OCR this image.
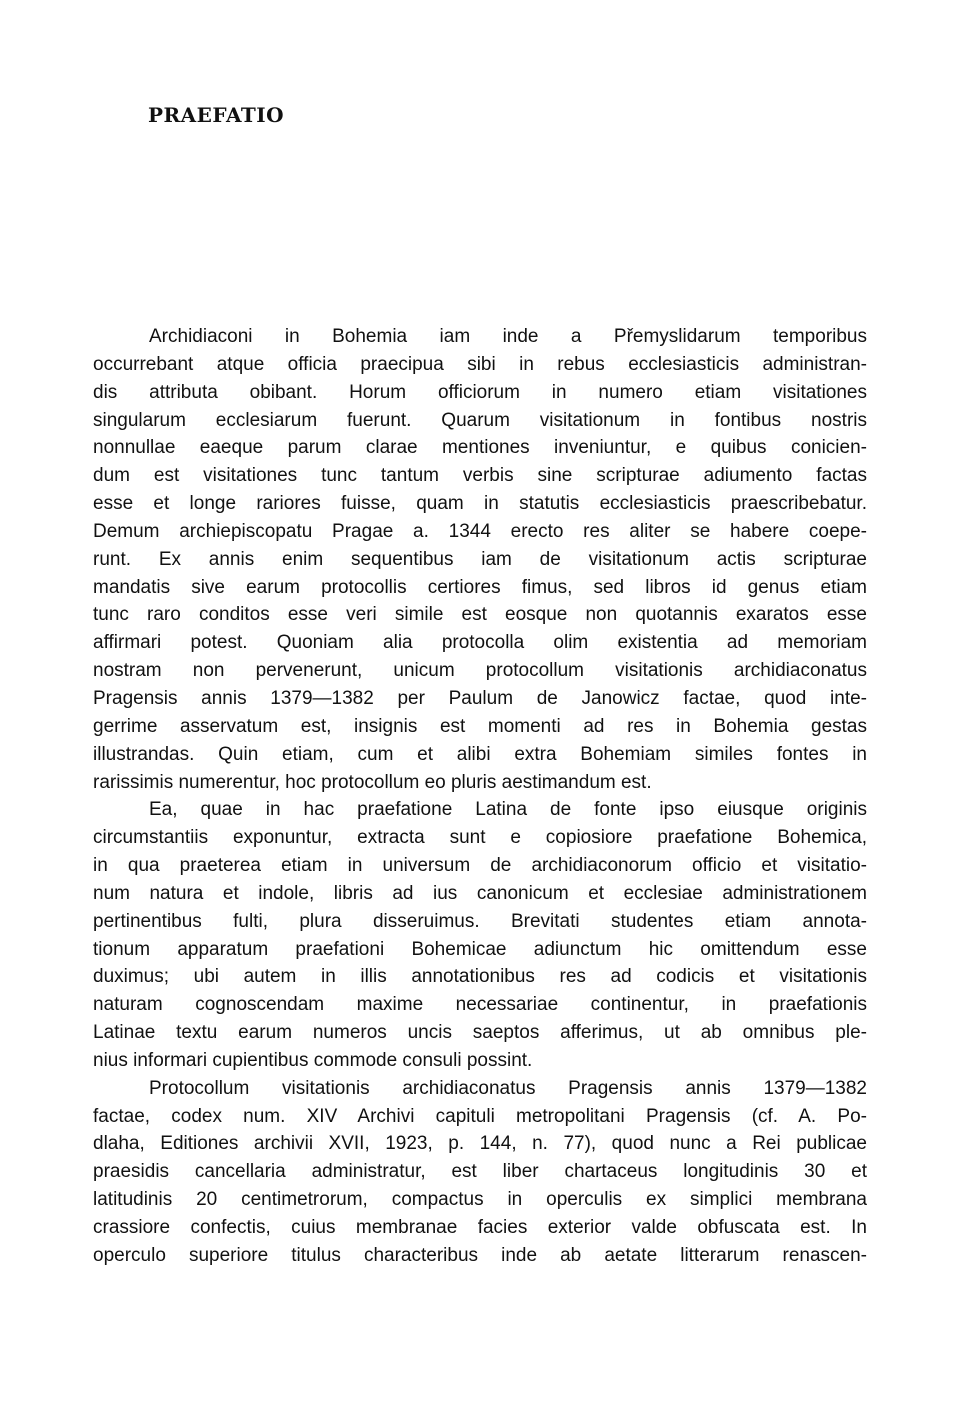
PRAEFATIO
Archidiaconi in Bohemia iam inde a Přemyslidarum temporibus
occurrebant atque officia praecipua sibi in rebus ecclesiasticis administran-
dis attributa obibant. Horum officiorum in numero etiam visitationes
singularum ecclesiarum fuerunt. Quarum visitationum in fontibus nostris
nonnullae eaeque parum clarae mentiones inveniuntur, e quibus conicien-
dum est visitationes tunc tantum verbis sine scripturae adiumento factas
esse et longe rariores fuisse, quam in statutis ecclesiasticis praescribebatur.
Demum archiepiscopatu Pragae a. 1344 erecto res aliter se habere coepe-
runt. Ex annis enim sequentibus iam de visitationum actis scripturae
mandatis sive earum protocollis certiores fimus, sed libros id genus etiam
tunc raro conditos esse veri simile est eosque non quotannis exaratos esse
affirmari potest. Quoniam alia protocolla olim existentia ad memoriam
nostram non pervenerunt, unicum protocollum visitationis archidiaconatus
Pragensis annis 1379—1382 per Paulum de Janowicz factae, quod inte-
gerrime asservatum est, insignis est momenti ad res in Bohemia gestas
illustrandas. Quin etiam, cum et alibi extra Bohemiam similes fontes in
rarissimis numerentur, hoc protocollum eo pluris aestimandum est.
Ea, quae in hac praefatione Latina de fonte ipso eiusque originis
circumstantiis exponuntur, extracta sunt e copiosiore praefatione Bohemica,
in qua praeterea etiam in universum de archidiaconorum officio et visitatio-
num natura et indole, libris ad ius canonicum et ecclesiae administrationem
pertinentibus fulti, plura disseruimus. Brevitati studentes etiam annota-
tionum apparatum praefationi Bohemicae adiunctum hic omittendum esse
duximus; ubi autem in illis annotationibus res ad codicis et visitationis
naturam cognoscendam maxime necessariae continentur, in praefationis
Latinae textu earum numeros uncis saeptos afferimus, ut ab omnibus ple-
nius informari cupientibus commode consuli possint.
Protocollum visitationis archidiaconatus Pragensis annis 1379—1382
factae, codex num. XIV Archivi capituli metropolitani Pragensis (cf. A. Po-
dlaha, Editiones archivii XVII, 1923, p. 144, n. 77), quod nunc a Rei publicae
praesidis cancellaria administratur, est liber chartaceus longitudinis 30 et
latitudinis 20 centimetrorum, compactus in operculis ex simplici membrana
crassiore confectis, cuius membranae facies exterior valde obfuscata est. In
operculo superiore titulus characteribus inde ab aetate litterarum renascen-
